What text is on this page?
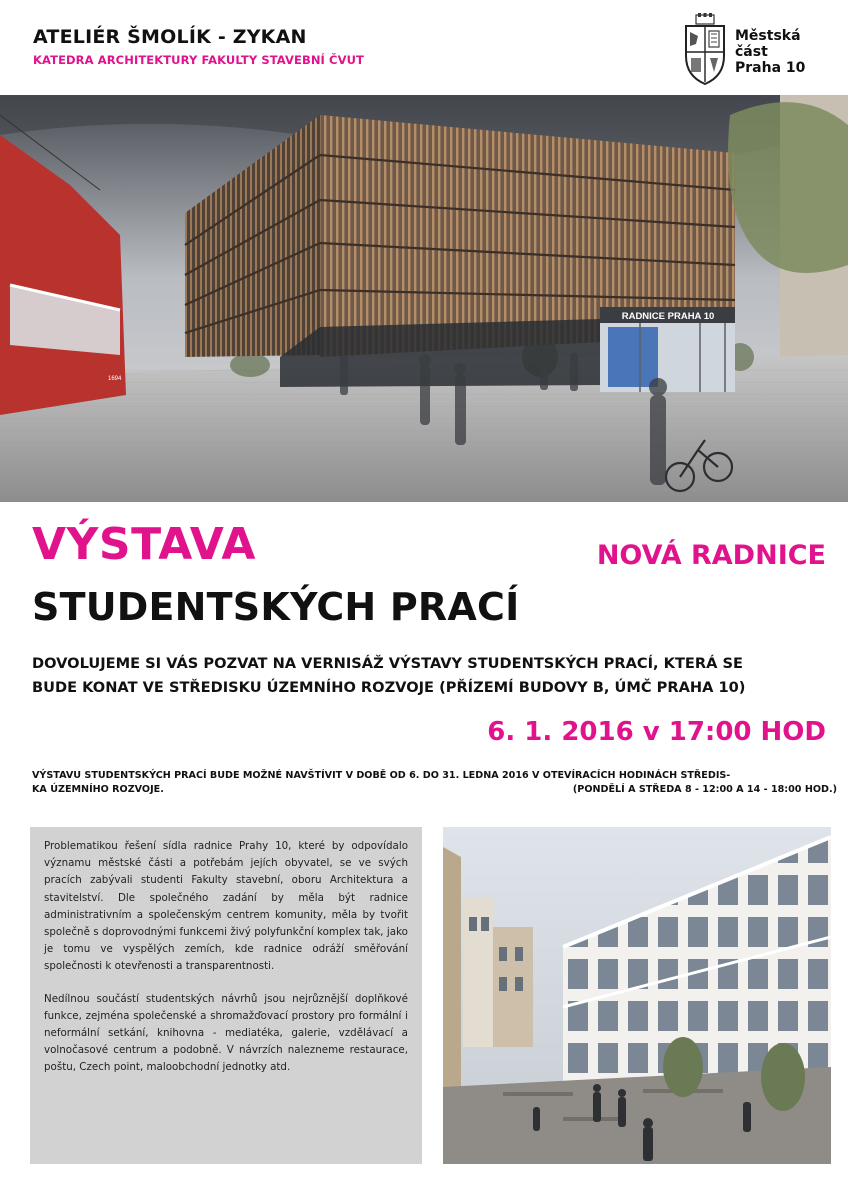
ATELIÉR ŠMOLÍK - ZYKAN
KATEDRA ARCHITEKTURY FAKULTY STAVEBNÍ ČVUT
Městská
část
Praha 10
RADNICE PRAHA 10
1694
VÝSTAVA
STUDENTSKÝCH PRACÍ
NOVÁ RADNICE
DOVOLUJEME SI VÁS POZVAT NA VERNISÁŽ VÝSTAVY STUDENTSKÝCH PRACÍ, KTERÁ SE
BUDE KONAT VE STŘEDISKU ÚZEMNÍHO ROZVOJE (PŘÍZEMÍ BUDOVY B, ÚMČ PRAHA 10)
6. 1. 2016 v 17:00 HOD
VÝSTAVU STUDENTSKÝCH PRACÍ BUDE MOŽNÉ NAVŠTÍVIT V DOBĚ OD 6. DO 31. LEDNA 2016 V OTEVÍRACÍCH HODINÁCH STŘEDIS-
KA ÚZEMNÍHO ROZVOJE.	(PONDĚLÍ A STŘEDA 8 - 12:00 A 14 - 18:00 HOD.)

Problematikou řešení sídla radnice Prahy 10, které by odpovídalo významu městské části a potřebám jejích obyvatel, se ve svých pracích zabývali studenti Fakulty stavební, oboru Architektura a stavitelství. Dle společného zadání by měla být radnice administrativním a společenským centrem komunity, měla by tvořit společně s doprovodnými funkcemi živý polyfunkční komplex tak, jako je tomu ve vyspělých zemích, kde radnice odráží směřování společnosti k otevřenosti a transparentnosti.

Nedílnou součástí studentských návrhů jsou nejrůznější doplňkové funkce, zejména společenské a shromažďovací prostory pro formální i neformální setkání, knihovna - mediatéka, galerie, vzdělávací a volnočasové centrum a podobně. V návrzích nalezneme restaurace, poštu, Czech point, maloobchodní jednotky atd.
